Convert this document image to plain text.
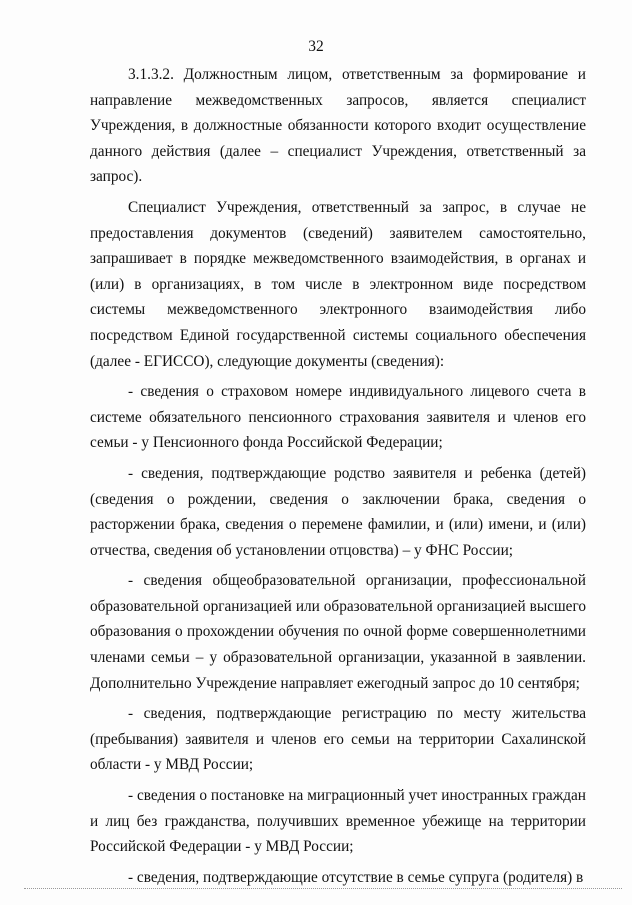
32

3.1.3.2. Должностным лицом, ответственным за формирование и направление межведомственных запросов, является специалист Учреждения, в должностные обязанности которого входит осуществление данного действия (далее – специалист Учреждения, ответственный за запрос).

Специалист Учреждения, ответственный за запрос, в случае не предоставления документов (сведений) заявителем самостоятельно, запрашивает в порядке межведомственного взаимодействия, в органах и (или) в организациях, в том числе в электронном виде посредством системы межведомственного электронного взаимодействия либо посредством Единой государственной системы социального обеспечения (далее - ЕГИССО), следующие документы (сведения):

- сведения о страховом номере индивидуального лицевого счета в системе обязательного пенсионного страхования заявителя и членов его семьи - у Пенсионного фонда Российской Федерации;

- сведения, подтверждающие родство заявителя и ребенка (детей) (сведения о рождении, сведения о заключении брака, сведения о расторжении брака, сведения о перемене фамилии, и (или) имени, и (или) отчества, сведения об установлении отцовства) – у ФНС России;

- сведения общеобразовательной организации, профессиональной образовательной организацией или образовательной организацией высшего образования о прохождении обучения по очной форме совершеннолетними членами семьи – у образовательной организации, указанной в заявлении. Дополнительно Учреждение направляет ежегодный запрос до 10 сентября;

- сведения, подтверждающие регистрацию по месту жительства (пребывания) заявителя и членов его семьи на территории Сахалинской области - у МВД России;

- сведения о постановке на миграционный учет иностранных граждан и лиц без гражданства, получивших временное убежище на территории Российской Федерации - у МВД России;

- сведения, подтверждающие отсутствие в семье супруга (родителя) в
